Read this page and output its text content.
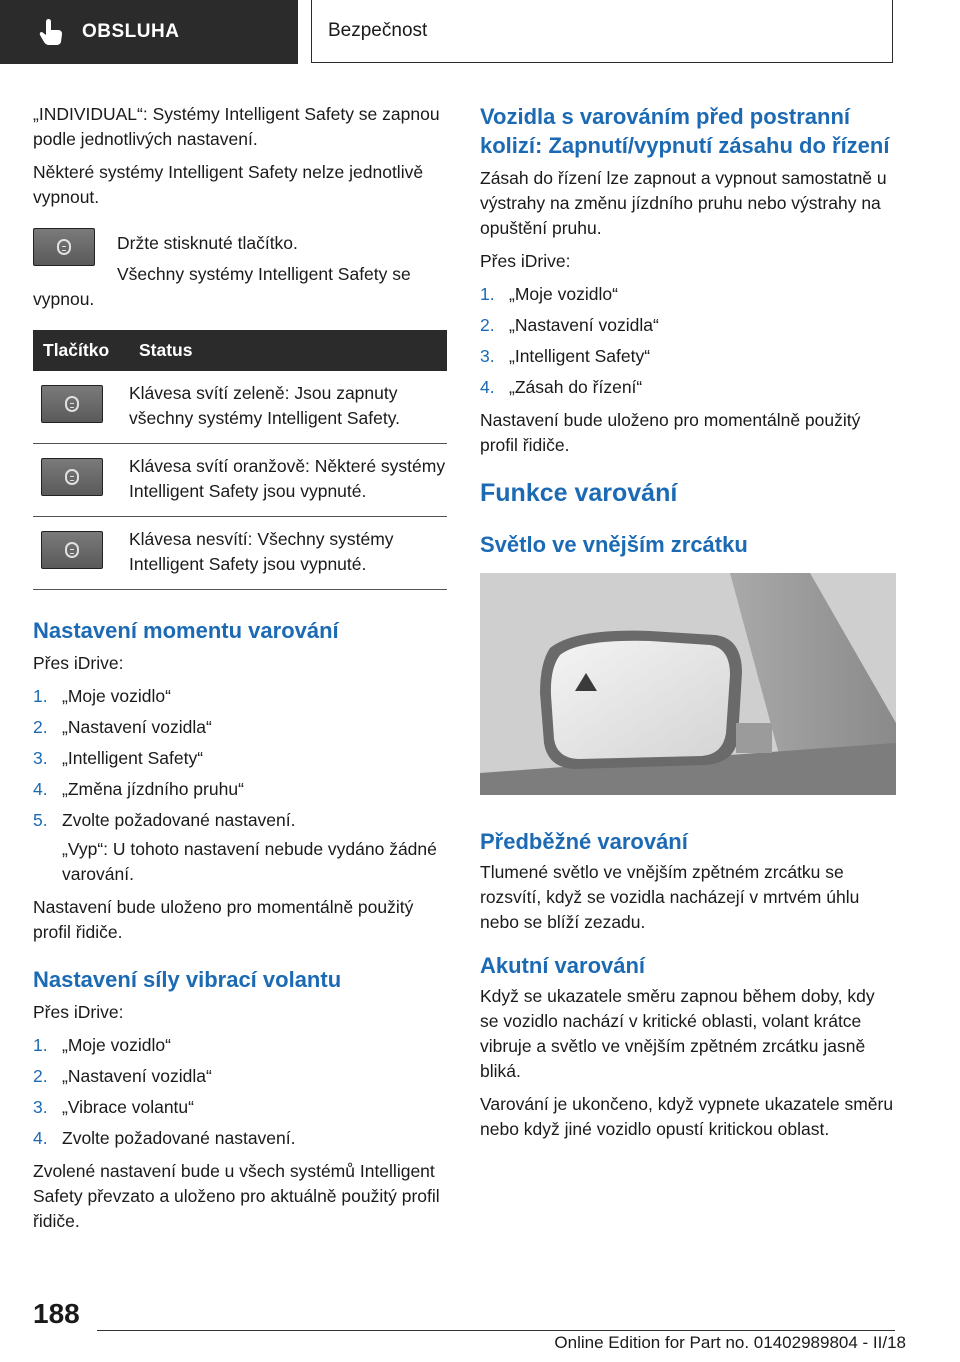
OBSLUHA	Bezpečnost

„INDIVIDUAL“: Systémy Intelligent Safety se zapnou podle jednotlivých nastavení.

Některé systémy Intelligent Safety nelze jednotlivě vypnout.

Držte stisknuté tlačítko.

Všechny systémy Intelligent Safety se vypnou.

Tlačítko	Status

	Klávesa svítí zeleně: Jsou zapnuty všechny systémy Intelligent Safety.

	Klávesa svítí oranžově: Některé systémy Intelligent Safety jsou vypnuté.

	Klávesa nesvítí: Všechny systémy Intelligent Safety jsou vypnuté.
Nastavení momentu varování

Přes iDrive:

1. „Moje vozidlo“
2. „Nastavení vozidla“
3. „Intelligent Safety“
4. „Změna jízdního pruhu“
5. Zvolte požadované nastavení.

„Vyp“: U tohoto nastavení nebude vydáno žádné varování.

Nastavení bude uloženo pro momentálně použitý profil řidiče.

Nastavení síly vibrací volantu

Přes iDrive:

1. „Moje vozidlo“
2. „Nastavení vozidla“
3. „Vibrace volantu“
4. Zvolte požadované nastavení.

Zvolené nastavení bude u všech systémů Intelligent Safety převzato a uloženo pro aktuálně použitý profil řidiče.

Vozidla s varováním před postranní kolizí: Zapnutí/vypnutí zásahu do řízení

Zásah do řízení lze zapnout a vypnout samostatně u výstrahy na změnu jízdního pruhu nebo výstrahy na opuštění pruhu.

Přes iDrive:

1. „Moje vozidlo“
2. „Nastavení vozidla“
3. „Intelligent Safety“
4. „Zásah do řízení“

Nastavení bude uloženo pro momentálně použitý profil řidiče.

Funkce varování
Světlo ve vnějším zrcátku
Předběžné varování

Tlumené světlo ve vnějším zpětném zrcátku se rozsvítí, když se vozidla nacházejí v mrtvém úhlu nebo se blíží zezadu.

Akutní varování

Když se ukazatele směru zapnou během doby, kdy se vozidlo nachází v kritické oblasti, volant krátce vibruje a světlo ve vnějším zpětném zrcátku jasně bliká.

Varování je ukončeno, když vypnete ukazatele směru nebo když jiné vozidlo opustí kritickou oblast.

188
Online Edition for Part no. 01402989804 - II/18
